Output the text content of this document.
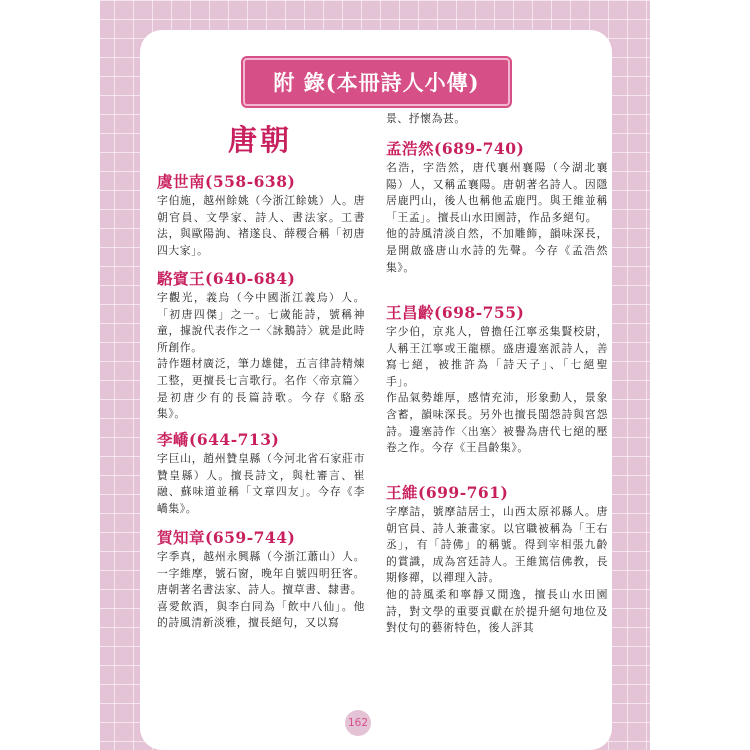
附 錄(本冊詩人小傳)
唐朝
虞世南(558-638)

字伯施，越州餘姚（今浙江餘姚）人。唐朝官員、文學家、詩人、書法家。工書法，與歐陽詢、褚遂良、薛稷合稱「初唐四大家」。

駱賓王(640-684)

字觀光，義烏（今中國浙江義烏）人。「初唐四傑」之一。七歲能詩，號稱神童，據說代表作之一〈詠鵝詩〉就是此時所創作。

詩作題材廣泛，筆力雄健，五言律詩精煉工整，更擅長七言歌行。名作〈帝京篇〉是初唐少有的長篇詩歌。今存《駱丞集》。

李嶠(644-713)

字巨山，趙州贊皇縣（今河北省石家莊市贊皇縣）人。擅長詩文，與杜審言、崔融、蘇味道並稱「文章四友」。今存《李嶠集》。

賀知章(659-744)

字季真，越州永興縣（今浙江蕭山）人。一字維摩，號石窗，晚年自號四明狂客。唐朝著名書法家、詩人。擅草書、隸書。

喜愛飲酒，與李白同為「飲中八仙」。他的詩風清新淡雅，擅長絕句，又以寫

景、抒懷為甚。

孟浩然(689-740)

名浩，字浩然，唐代襄州襄陽（今湖北襄陽）人，又稱孟襄陽。唐朝著名詩人。因隱居鹿門山，後人也稱他孟鹿門。與王維並稱「王孟」。擅長山水田園詩，作品多絕句。

他的詩風清淡自然，不加雕飾，韻味深長，是開啟盛唐山水詩的先聲。今存《孟浩然集》。

王昌齡(698-755)

字少伯，京兆人，曾擔任江寧丞集賢校尉，人稱王江寧或王龍標。盛唐邊塞派詩人，善寫七絕，被推許為「詩天子」、「七絕聖手」。

作品氣勢雄厚，感情充沛，形象動人，景象含蓄，韻味深長。另外也擅長閨怨詩與宮怨詩。邊塞詩作〈出塞〉被譽為唐代七絕的壓卷之作。今存《王昌齡集》。

王維(699-761)

字摩詰，號摩詰居士，山西太原祁縣人。唐朝官員、詩人兼畫家。以官職被稱為「王右丞」，有「詩佛」的稱號。得到宰相張九齡的賞識，成為宮廷詩人。王維篤信佛教，長期修禪，以禪理入詩。

他的詩風柔和寧靜又閒逸，擅長山水田園詩，對文學的重要貢獻在於提升絕句地位及對仗句的藝術特色，後人評其

162
